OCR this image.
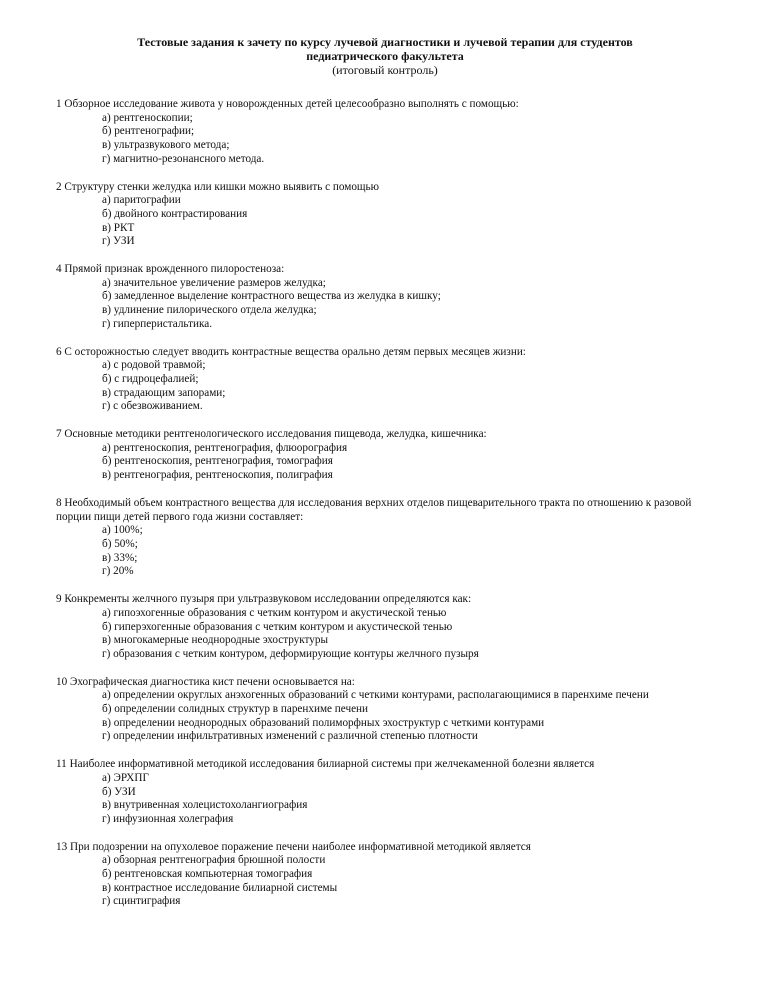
Тестовые задания к зачету по курсу лучевой диагностики и лучевой терапии для студентов
педиатрического факультета
(итоговый контроль)
1 Обзорное исследование живота у новорожденных детей целесообразно выполнять с помощью:
а) рентгеноскопии;
б) рентгенографии;
в) ультразвукового метода;
г) магнитно-резонансного метода.
2 Структуру стенки желудка или кишки можно выявить с помощью
а) паритографии
б) двойного контрастирования
в) РКТ
г) УЗИ
4 Прямой признак врожденного пилоростеноза:
а) значительное увеличение размеров желудка;
б) замедленное выделение контрастного вещества из желудка в кишку;
в) удлинение пилорического отдела желудка;
г) гиперперистальтика.
6 С осторожностью следует вводить контрастные вещества орально детям первых месяцев жизни:
а) с родовой травмой;
б) с гидроцефалией;
в) страдающим запорами;
г) с обезвоживанием.
7 Основные методики рентгенологического исследования пищевода, желудка, кишечника:
а) рентгеноскопия, рентгенография, флюорография
б) рентгеноскопия, рентгенография, томография
в) рентгенография, рентгеноскопия, полиграфия
8 Необходимый объем контрастного вещества для исследования верхних отделов пищеварительного тракта по отношению к разовой порции пищи детей первого года жизни составляет:
а) 100%;
б) 50%;
в) 33%;
г) 20%
9 Конкременты желчного пузыря при ультразвуковом исследовании определяются как:
а) гипоэхогенные образования с четким контуром и акустической тенью
б) гиперэхогенные образования с четким контуром и акустической тенью
в) многокамерные неоднородные эхоструктуры
г) образования с четким контуром, деформирующие контуры желчного пузыря
10 Эхографическая диагностика кист печени основывается на:
а) определении округлых анэхогенных образований с четкими контурами, располагающимися в паренхиме печени
б) определении солидных структур в паренхиме печени
в) определении неоднородных образований полиморфных эхоструктур с четкими контурами
г) определении инфильтративных изменений с различной степенью плотности
11 Наиболее информативной методикой исследования билиарной системы при желчекаменной болезни является
а) ЭРХПГ
б) УЗИ
в) внутривенная холецистохолангиография
г) инфузионная холеграфия
13 При подозрении на опухолевое поражение печени наиболее информативной методикой является
а) обзорная рентгенография брюшной полости
б) рентгеновская компьютерная томография
в) контрастное исследование билиарной системы
г) сцинтиграфия
